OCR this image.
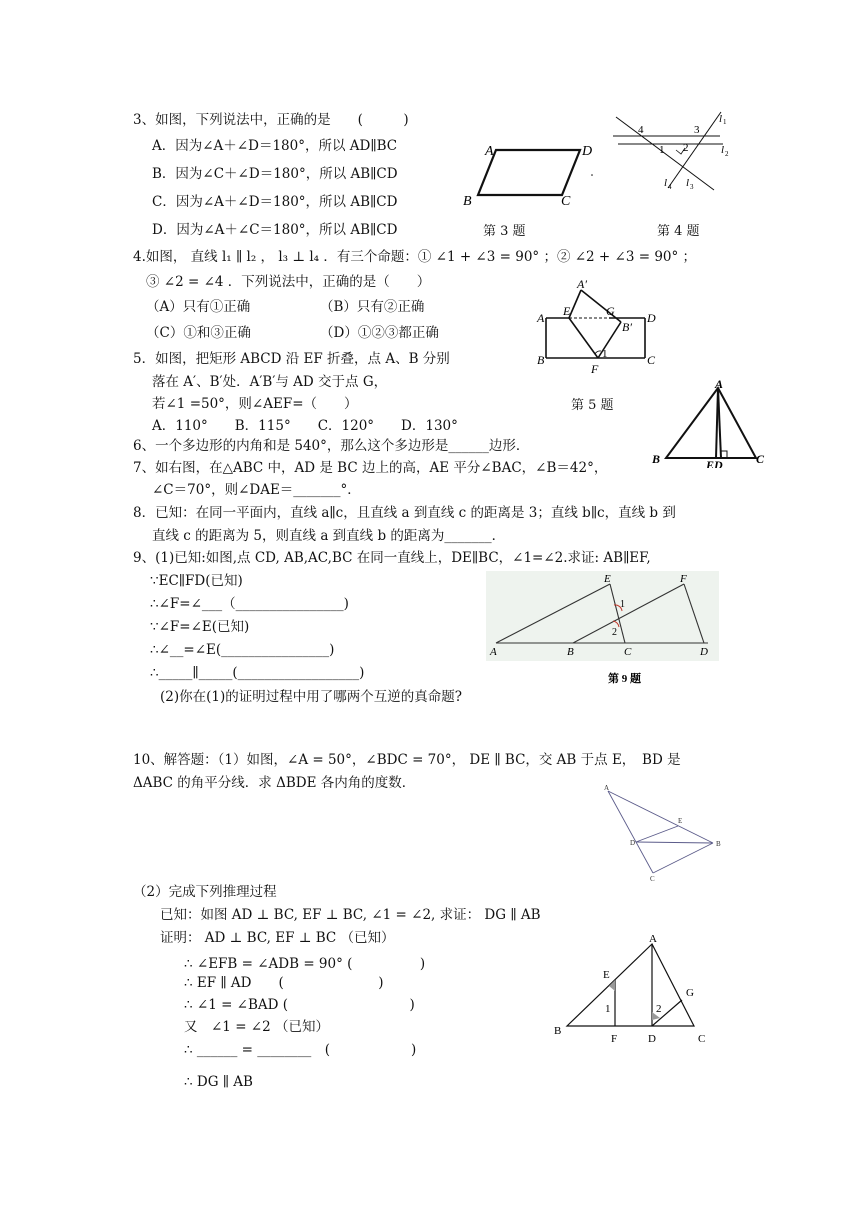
3、如图，下列说法中，正确的是　　(　　　)
A．因为∠A＋∠D＝180°，所以 AD∥BC
B．因为∠C＋∠D＝180°，所以 AB∥CD
C．因为∠A＋∠D＝180°，所以 AB∥CD
D．因为∠A＋∠C＝180°，所以 AB∥CD
A	D
B	C
第 3 题
l 1
l 2
l 4 l 3
4	3
1 2
第 4 题
4.如图， 直线 l₁ ∥ l₂ ， l₃ ⊥ l₄ ．有三个命题：① ∠1 + ∠3 = 90° ；② ∠2 + ∠3 = 90° ；
③ ∠2 = ∠4 ．下列说法中，正确的是（　　）
（A）只有①正确	（B）只有②正确
（C）①和③正确	（D）①②③都正确
5．如图，把矩形 ABCD 沿 EF 折叠，点 A、B 分别
落在 A′、B′处．A′B′与 AD 交于点 G，
若∠1 =50°，则∠AEF=（　　）
A．110°　　B．115°　　C．120°　　D．130°
A′
A E	G	D
B′
B	C
F
1
第 5 题
A
B	ED	C
6、一个多边形的内角和是 540°，那么这个多边形是______边形．
7、如右图，在△ABC 中，AD 是 BC 边上的高，AE 平分∠BAC，∠B＝42°，
∠C＝70°，则∠DAE＝_______°．
8．已知：在同一平面内，直线 a∥c，且直线 a 到直线 c 的距离是 3；直线 b∥c，直线 b 到
直线 c 的距离为 5，则直线 a 到直线 b 的距离为_______．
9、(1)已知:如图,点 CD, AB,AC,BC 在同一直线上，DE∥BC，∠1=∠2.求证: AB∥EF,
∵EC∥FD(已知)
∴∠F=∠___（________________)
∵∠F=∠E(已知)
∴∠__=∠E(________________)
∴_____∥_____(__________________)
(2)你在(1)的证明过程中用了哪两个互逆的真命题?
1
2
A	B	C	D
E	F
第 9 题
10、解答题：（1）如图，∠A = 50°，∠BDC = 70°， DE ∥ BC，交 AB 于点 E，　BD 是
ΔABC 的角平分线．求 ΔBDE 各内角的度数．	A
E
D	B
C
（2）完成下列推理过程
已知：如图 AD ⊥ BC, EF ⊥ BC, ∠1 = ∠2, 求证： DG ∥ AB
证明： AD ⊥ BC, EF ⊥ BC （已知）
∴ ∠EFB = ∠ADB = 90° (　　　　　)
∴ EF ∥ AD　　(　　　　　　　)
∴ ∠1 = ∠BAD (　　　　　　　　　)
又　∠1 = ∠2 （已知）
∴ ______ = ________　(　　　　　　)
∴ DG ∥ AB
A
B
C
D
F
E
G
1	2
